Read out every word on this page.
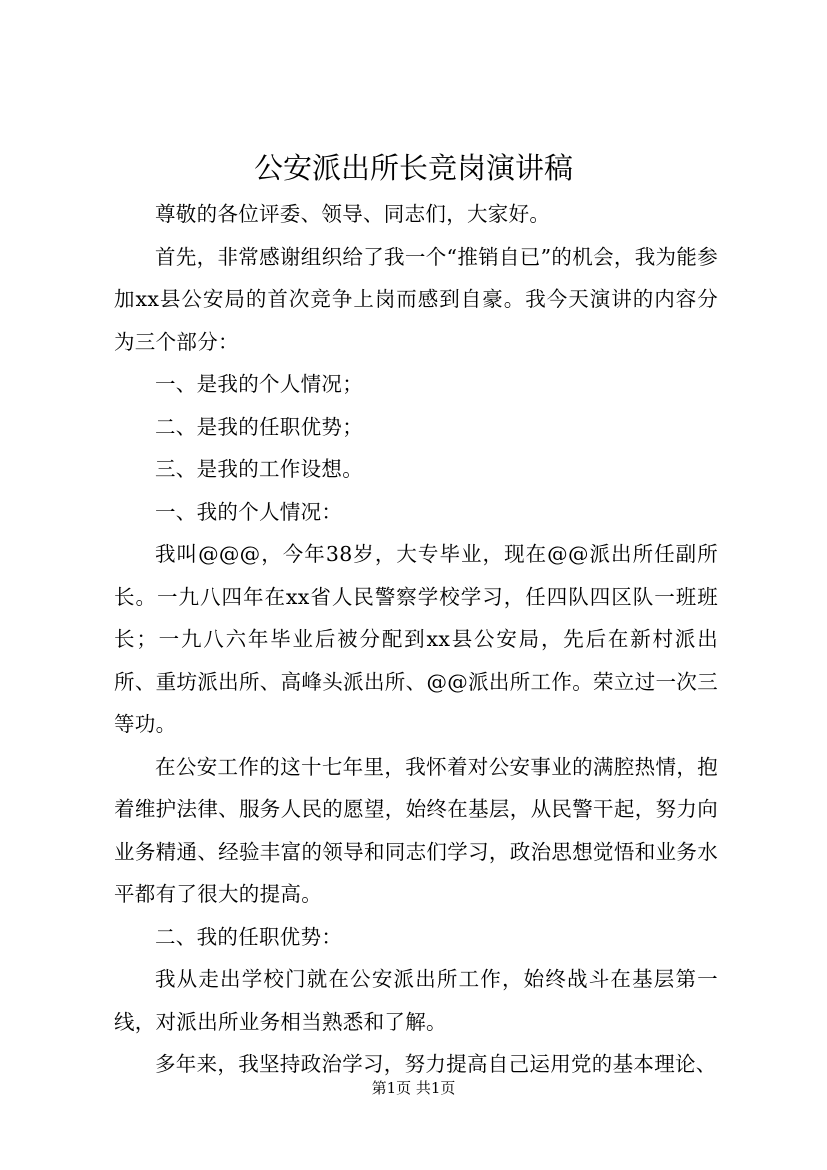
公安派出所长竞岗演讲稿

尊敬的各位评委、领导、同志们，大家好。

首先，非常感谢组织给了我一个“推销自已”的机会，我为能参加xx县公安局的首次竞争上岗而感到自豪。我今天演讲的内容分为三个部分：

一、是我的个人情况；

二、是我的任职优势；

三、是我的工作设想。

一、我的个人情况：

我叫@@@，今年38岁，大专毕业，现在@@派出所任副所长。一九八四年在xx省人民警察学校学习，任四队四区队一班班长；一九八六年毕业后被分配到xx县公安局，先后在新村派出所、重坊派出所、高峰头派出所、@@派出所工作。荣立过一次三等功。

在公安工作的这十七年里，我怀着对公安事业的满腔热情，抱着维护法律、服务人民的愿望，始终在基层，从民警干起，努力向业务精通、经验丰富的领导和同志们学习，政治思想觉悟和业务水平都有了很大的提高。

二、我的任职优势：

我从走出学校门就在公安派出所工作，始终战斗在基层第一线，对派出所业务相当熟悉和了解。

多年来，我坚持政治学习，努力提高自己运用党的基本理论、

第1页 共1页
